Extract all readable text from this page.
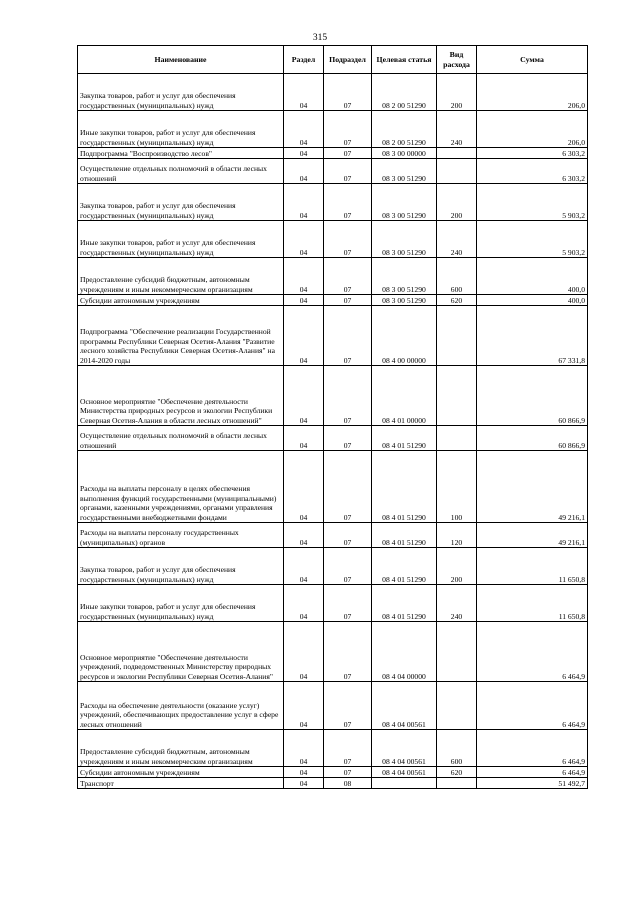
315
Наименование	Раздел	Подраздел	Целевая статья	Вид расхода	Сумма
Закупка товаров, работ и услуг для обеспечения государственных (муниципальных) нужд	04	07	08 2 00 51290	200	206,0
Иные закупки товаров, работ и услуг для обеспечения государственных (муниципальных) нужд	04	07	08 2 00 51290	240	206,0
Подпрограмма "Воспроизводство лесов"	04	07	08 3 00 00000		6 303,2
Осуществление отдельных полномочий в области лесных отношений	04	07	08 3 00 51290		6 303,2
Закупка товаров, работ и услуг для обеспечения государственных (муниципальных) нужд	04	07	08 3 00 51290	200	5 903,2
Иные закупки товаров, работ и услуг для обеспечения государственных (муниципальных) нужд	04	07	08 3 00 51290	240	5 903,2
Предоставление субсидий бюджетным, автономным учреждениям и иным некоммерческим организациям	04	07	08 3 00 51290	600	400,0
Субсидии автономным учреждениям	04	07	08 3 00 51290	620	400,0
Подпрограмма "Обеспечение реализации Государственной программы Республики Северная Осетия-Алания "Развитие лесного хозяйства Республики Северная Осетия-Алания" на 2014-2020 годы	04	07	08 4 00 00000		67 331,8
Основное мероприятие "Обеспечение деятельности Министерства природных ресурсов и экологии Республики Северная Осетия-Алания в области лесных отношений"	04	07	08 4 01 00000		60 866,9
Осуществление отдельных полномочий в области лесных отношений	04	07	08 4 01 51290		60 866,9
Расходы на выплаты персоналу в целях обеспечения выполнения функций государственными (муниципальными) органами, казенными учреждениями, органами управления государственными внебюджетными фондами	04	07	08 4 01 51290	100	49 216,1
Расходы на выплаты персоналу государственных (муниципальных) органов	04	07	08 4 01 51290	120	49 216,1
Закупка товаров, работ и услуг для обеспечения государственных (муниципальных) нужд	04	07	08 4 01 51290	200	11 650,8
Иные закупки товаров, работ и услуг для обеспечения государственных (муниципальных) нужд	04	07	08 4 01 51290	240	11 650,8
Основное мероприятие "Обеспечение деятельности учреждений, подведомственных Министерству природных ресурсов и экологии Республики Северная Осетия-Алания"	04	07	08 4 04 00000		6 464,9
Расходы на обеспечение деятельности (оказание услуг) учреждений, обеспечивающих предоставление услуг в сфере лесных отношений	04	07	08 4 04 00561		6 464,9
Предоставление субсидий бюджетным, автономным учреждениям и иным некоммерческим организациям	04	07	08 4 04 00561	600	6 464,9
Субсидии автономным учреждениям	04	07	08 4 04 00561	620	6 464,9
Транспорт	04	08			51 492,7
